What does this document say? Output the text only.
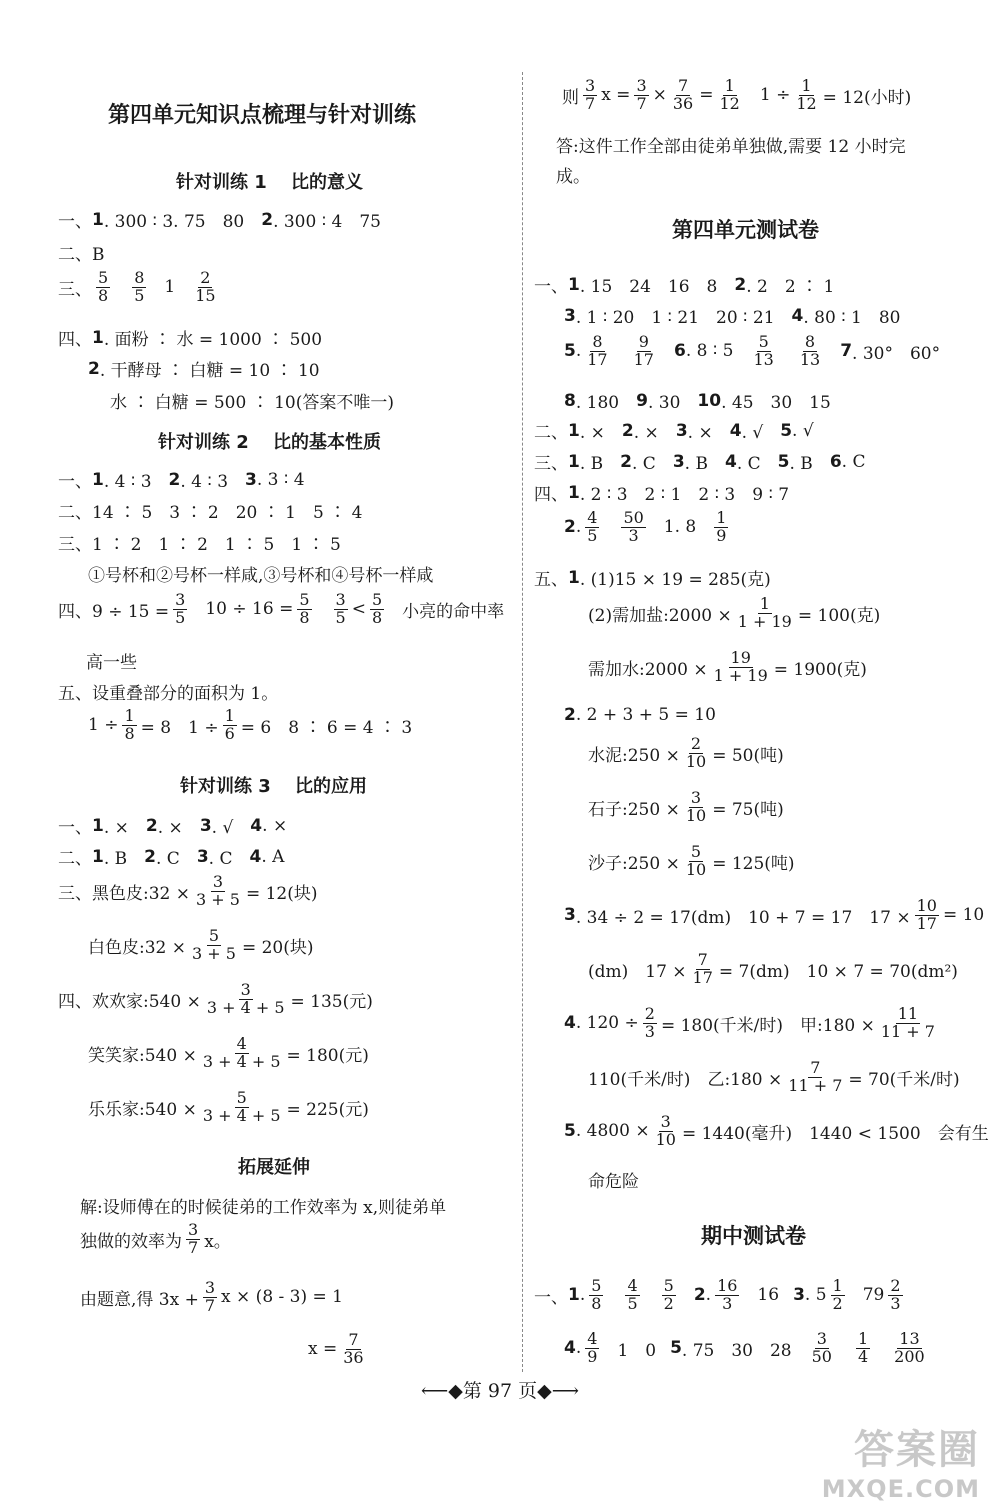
第四单元知识点梳理与针对训练
针对训练 1　 比的意义
一、 1 . 300 ∶ 3. 75　80　 2 . 300 ∶ 4　75
二、B
三、 $\frac{5}{8} \frac{8}{5} 1 \frac{2}{15}$
四、 1 . 面粉 ∶ 水 = 1000 ∶ 500
2 . 干酵母 ∶ 白糖 = 10 ∶ 10
水 ∶ 白糖 = 500 ∶ 10(答案不唯一)
针对训练 2　 比的基本性质
一、 1 . 4 ∶ 3　 2 . 4 ∶ 3　 3 . 3 ∶ 4
二、14 ∶ 5　3 ∶ 2　20 ∶ 1　5 ∶ 4
三、1 ∶ 2　1 ∶ 2　1 ∶ 5　1 ∶ 5
①号杯和②号杯一样咸,③号杯和④号杯一样咸
四、$9 \div 15 = \frac{3}{5} 10 \div 16 = \frac{5}{8} \frac{3}{5} < \frac{5}{8}$ 小亮的命中率
高一些
五、设重叠部分的面积为 1。
$1 \div \frac{1}{8} = 8$　$1 \div \frac{1}{6} = 6$　8 ∶ 6 = 4 ∶ 3
针对训练 3　 比的应用
一、 1 . ×　 2 . ×　 3 . √　 4 . ×
二、 1 . B　 2 . C　 3 . C　 4 . A
三、黑色皮:32 × $\frac{3}{3 + 5} = 12$(块)
白色皮:32 × $\frac{5}{3 + 5} = 20$(块)
四、欢欢家:540 × $\frac{3}{3 + 4 + 5} = 135$(元)
笑笑家:540 × $\frac{4}{3 + 4 + 5} = 180$(元)
乐乐家:540 × $\frac{5}{3 + 4 + 5} = 225$(元)
拓展延伸
解:设师傅在的时候徒弟的工作效率为 x,则徒弟单
独做的效率为 $\frac{3}{7}$ x。
由题意,得 $3x + \frac{3}{7}$ x × (8 - 3) = 1
$x = \frac{7}{36}$
则 $\frac{3}{7}$ $x = \frac{3}{7} \times \frac{7}{36} = \frac{1}{12} 1 \div \frac{1}{12} = 12$(小时)
答:这件工作全部由徒弟单独做,需要 12 小时完
成。
第四单元测试卷
一、 1 . 15　24　16　8　 2 . 2　2 ∶ 1
3 . 1 ∶ 20　1 ∶ 21　20 ∶ 21　 4 . 80 ∶ 1　80
5 . $\frac{8}{17} \frac{9}{17} 6$ . 8 ∶ $5 \frac{5}{13} \frac{8}{13} 7$ . 30°　60°
8 . 180　 9 . 30　 10 . 45　30　15
二、 1 . ×　 2 . ×　 3 . ×　 4 . √　 5 . √
三、 1 . B　 2 . C　 3 . B　 4 . C　 5 . B　 6 . C
四、 1 . 2 ∶ 3　2 ∶ 1　2 ∶ 3　9 ∶ 7
2 . $\frac{4}{5} \frac{50}{3} 1$. $8 \frac{1}{9}$
五、 1 . (1)15 × 19 = 285(克)
(2)需加盐:2000 × $\frac{1}{1 + 19} = 100$(克)
需加水:2000 × $\frac{19}{1 + 19} = 1900$(克)
2 . 2 + 3 + 5 = 10
水泥:250 × $\frac{2}{10} = 50$(吨)
石子:250 × $\frac{3}{10} = 75$(吨)
沙子:250 × $\frac{5}{10} = 125$(吨)
3 . 34 ÷ 2 = 17(dm)　10 + 7 = 17　$17 \times \frac{10}{17} = 10$
(dm)　$17 \times \frac{7}{17} = 7(dm)$　10 × 7 = 70(dm²)
4 . $120 \div \frac{2}{3} = 180$(千米/时)　甲:180 × $\frac{11}{11 + 7}$
110(千米/时)　乙:180 × $\frac{7}{11 + 7} = 70$(千米/时)
5 . $4800 \times \frac{3}{10} = 1440$(毫升)　1440 < 1500　会有生
命危险
期中测试卷
一、 1 . $\frac{5}{8} \frac{4}{5} \frac{5}{2} 2$ . $\frac{16}{3} 16$ 3 . $5 \frac{1}{2} 79 \frac{2}{3}$
4 . $\frac{4}{9} 1$　0 5 . 75　30　$28 \frac{3}{50} \frac{1}{4} \frac{13}{200}$
⟵◆第 97 页◆⟶
答案圈
MXQE.COM
